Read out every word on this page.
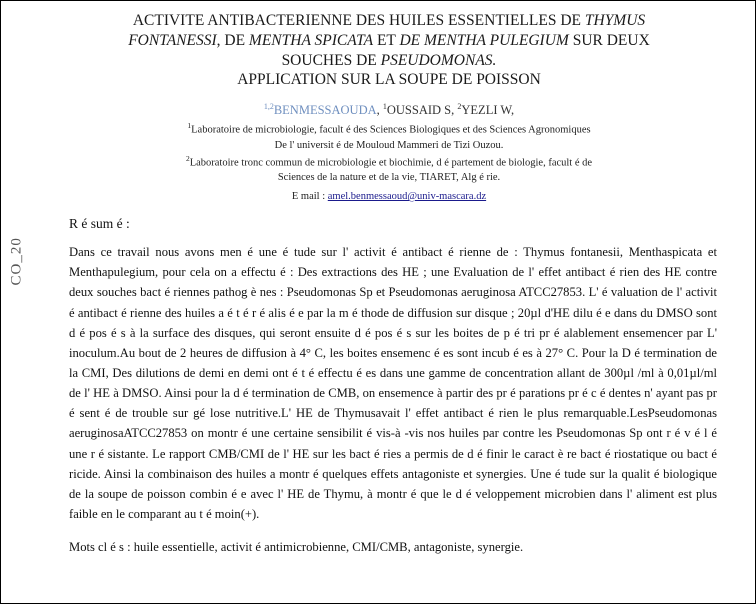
CO_20
ACTIVITE ANTIBACTERIENNE DES HUILES ESSENTIELLES DE THYMUS
FONTANESSI, DE MENTHA SPICATA ET DE MENTHA PULEGIUM SUR DEUX
SOUCHES DE PSEUDOMONAS.
APPLICATION SUR LA SOUPE DE POISSON
$^{1,2}$BENMESSAOUDA, $^1$OUSSAID S, $^2$YEZLI W,
$^1$Laboratoire de microbiologie, facult é des Sciences Biologiques et des Sciences Agronomiques
De l' universit é de Mouloud Mammeri de Tizi Ouzou.
$^2$Laboratoire tronc commun de microbiologie et biochimie, d é partement de biologie, facult é de
Sciences de la nature et de la vie, TIARET, Alg é rie.
E mail : amel.benmessaoud@univ-mascara.dz
R é sum é :
Dans ce travail nous avons men é une é tude sur l' activit é antibact é rienne de : Thymus fontanesii, Menthaspicata et Menthapulegium, pour cela on a effectu é : Des extractions des HE ; une Evaluation de l' effet antibact é rien des HE contre deux souches bact é riennes pathog è nes : Pseudomonas Sp et Pseudomonas aeruginosa ATCC27853. L' é valuation de l' activit é antibact é rienne des huiles a é t é r é alis é e par la m é thode de diffusion sur disque ; 20µl d'HE dilu é e dans du DMSO sont d é pos é s à la surface des disques, qui seront ensuite d é pos é s sur les boites de p é tri pr é alablement ensemencer par L' inoculum.Au bout de 2 heures de diffusion à 4° C, les boites ensemenc é es sont incub é es à 27° C. Pour la D é termination de la CMI, Des dilutions de demi en demi ont é t é effectu é es dans une gamme de concentration allant de 300µl /ml à 0,01µl/ml de l' HE à DMSO. Ainsi pour la d é termination de CMB, on ensemence à partir des pr é parations pr é c é dentes n' ayant pas pr é sent é de trouble sur gé lose nutritive.L' HE de Thymusavait l' effet antibact é rien le plus remarquable.LesPseudomonas aeruginosaATCC27853 on montr é une certaine sensibilit é vis-à -vis nos huiles par contre les Pseudomonas Sp ont r é v é l é une r é sistante. Le rapport CMB/CMI de l' HE sur les bact é ries a permis de d é finir le caract è re bact é riostatique ou bact é ricide. Ainsi la combinaison des huiles a montr é quelques effets antagoniste et synergies. Une é tude sur la qualit é biologique de la soupe de poisson combin é e avec l' HE de Thymu, à montr é que le d é veloppement microbien dans l' aliment est plus faible en le comparant au t é moin(+).
Mots cl é s : huile essentielle, activit é antimicrobienne, CMI/CMB, antagoniste, synergie.
